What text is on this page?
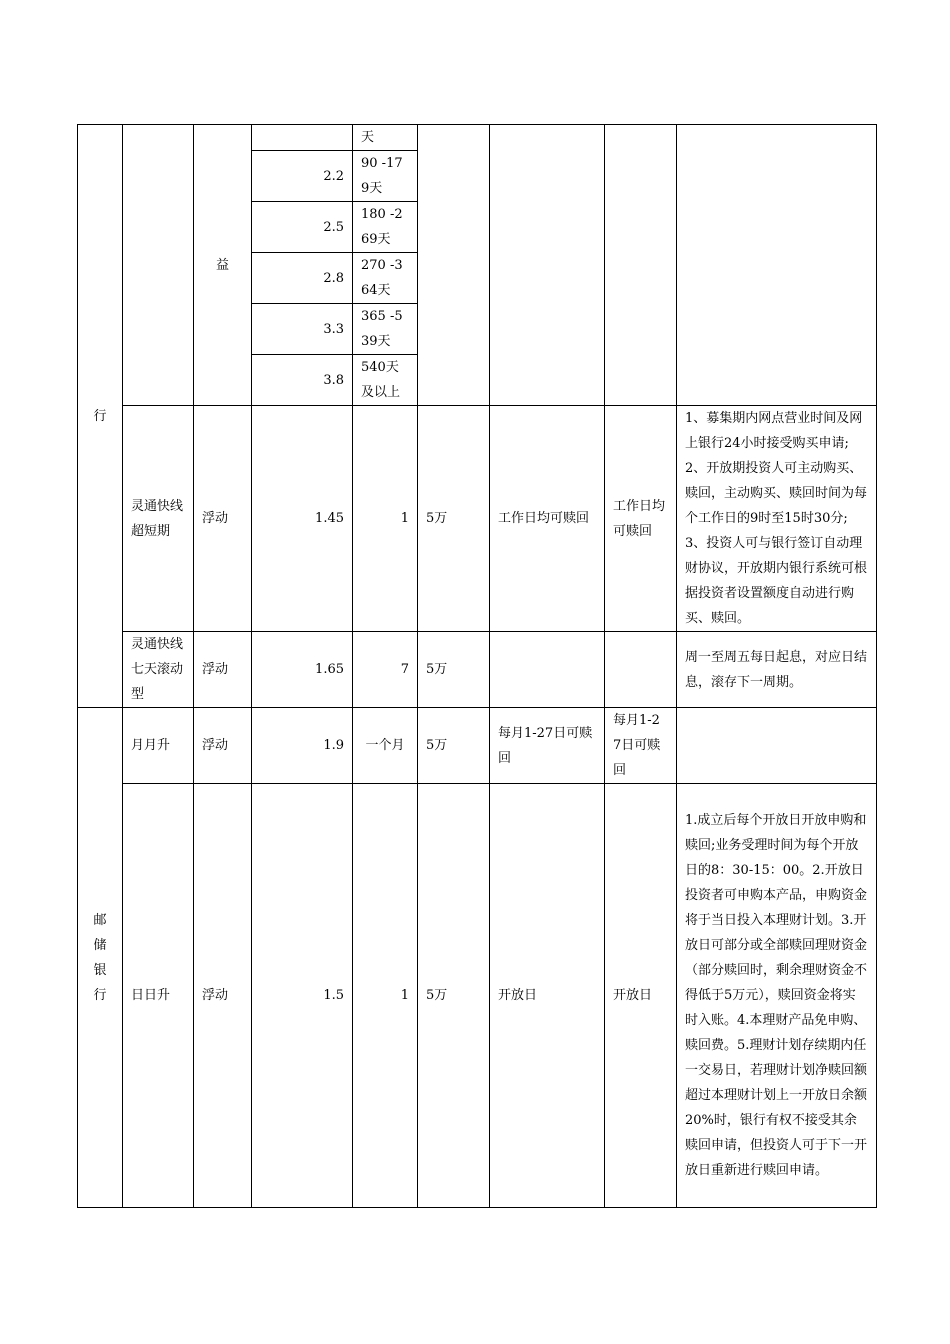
行		益		天				
			2.2	90 -179天				
			2.5	180 -269天				
			2.8	270 -364天				
			3.3	365 -539天				
			3.8	540天及以上				
	灵通快线超短期	浮动	1.45	1	5万	工作日均可赎回	工作日均可赎回	1、募集期内网点营业时间及网上银行24小时接受购买申请;2、开放期投资人可主动购买、赎回，主动购买、赎回时间为每个工作日的9时至15时30分;3、投资人可与银行签订自动理财协议，开放期内银行系统可根据投资者设置额度自动进行购买、赎回。
	灵通快线七天滚动型	浮动	1.65	7	5万			周一至周五每日起息，对应日结息，滚存下一周期。
邮储银行	月月升	浮动	1.9	一个月	5万	每月1-27日可赎回	每月1-27日可赎回	
	日日升	浮动	1.5	1	5万	开放日	开放日	1.成立后每个开放日开放申购和赎回;业务受理时间为每个开放日的8：30-15：00。2.开放日投资者可申购本产品，申购资金将于当日投入本理财计划。3.开放日可部分或全部赎回理财资金（部分赎回时，剩余理财资金不得低于5万元），赎回资金将实时入账。4.本理财产品免申购、赎回费。5.理财计划存续期内任一交易日，若理财计划净赎回额超过本理财计划上一开放日余额20%时，银行有权不接受其余赎回申请，但投资人可于下一开放日重新进行赎回申请。
